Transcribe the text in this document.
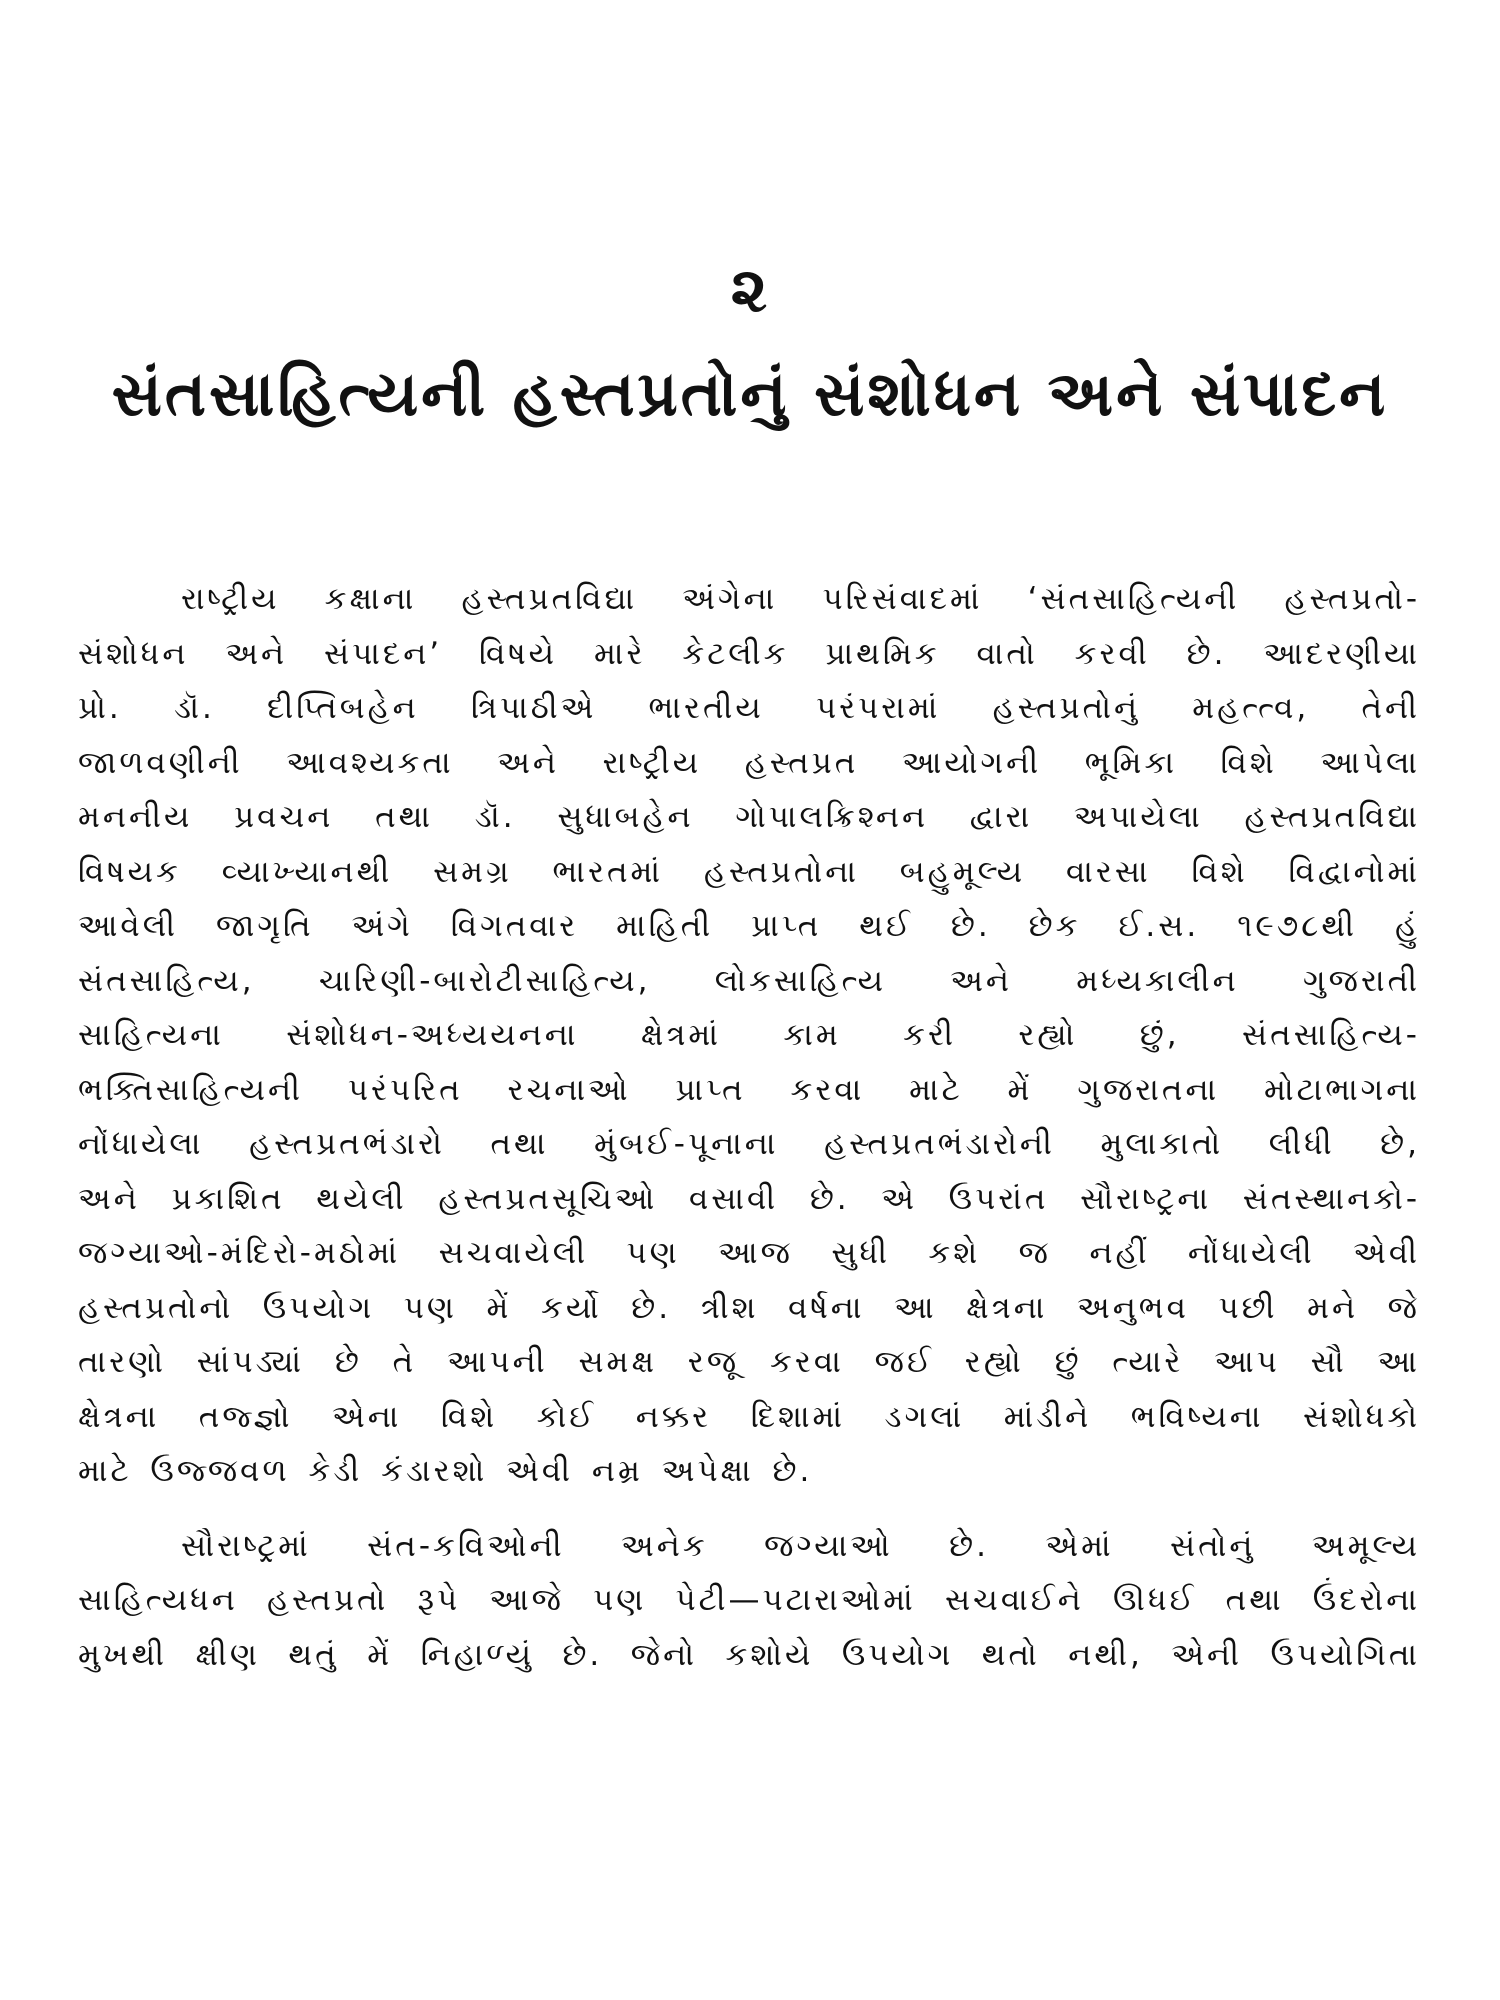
૨
સંતસાહિત્યની હસ્તપ્રતોનું સંશોધન અને સંપાદન
રાષ્ટ્રીય કક્ષાના હસ્તપ્રતવિદ્યા અંગેના પરિસંવાદમાં ‘સંતસાહિત્યની હસ્તપ્રતો-
સંશોધન અને સંપાદન’ વિષયે મારે કેટલીક પ્રાથમિક વાતો કરવી છે. આદરણીયા
પ્રો. ડૉ. દીપ્તિબહેન ત્રિપાઠીએ ભારતીય પરંપરામાં હસ્તપ્રતોનું મહત્ત્વ, તેની
જાળવણીની આવશ્યકતા અને રાષ્ટ્રીય હસ્તપ્રત આયોગની ભૂમિકા વિશે આપેલા
મનનીય પ્રવચન તથા ડૉ. સુધાબહેન ગોપાલક્રિશ્નન દ્વારા અપાયેલા હસ્તપ્રતવિદ્યા
વિષયક વ્યાખ્યાનથી સમગ્ર ભારતમાં હસ્તપ્રતોના બહુમૂલ્ય વારસા વિશે વિદ્વાનોમાં
આવેલી જાગૃતિ અંગે વિગતવાર માહિતી પ્રાપ્ત થઈ છે. છેક ઈ.સ. ૧૯૭૮થી હું
સંતસાહિત્ય, ચારિણી-બારોટીસાહિત્ય, લોકસાહિત્ય અને મધ્યકાલીન ગુજરાતી
સાહિત્યના સંશોધન-અધ્યયનના ક્ષેત્રમાં કામ કરી રહ્યો છું, સંતસાહિત્ય-
ભક્તિસાહિત્યની પરંપરિત રચનાઓ પ્રાપ્ત કરવા માટે મેં ગુજરાતના મોટાભાગના
નોંધાયેલા હસ્તપ્રતભંડારો તથા મુંબઈ-પૂનાના હસ્તપ્રતભંડારોની મુલાકાતો લીધી છે,
અને પ્રકાશિત થયેલી હસ્તપ્રતસૂચિઓ વસાવી છે. એ ઉપરાંત સૌરાષ્ટ્રના સંતસ્થાનકો-
જગ્યાઓ-મંદિરો-મઠોમાં સચવાયેલી પણ આજ સુધી કશે જ નહીં નોંધાયેલી એવી
હસ્તપ્રતોનો ઉપયોગ પણ મેં કર્યો છે. ત્રીશ વર્ષના આ ક્ષેત્રના અનુભવ પછી મને જે
તારણો સાંપડ્યાં છે તે આપની સમક્ષ રજૂ કરવા જઈ રહ્યો છું ત્યારે આપ સૌ આ
ક્ષેત્રના તજ્જ્ઞો એના વિશે કોઈ નક્કર દિશામાં ડગલાં માંડીને ભવિષ્યના સંશોધકો
માટે ઉજ્જવળ કેડી કંડારશો એવી નમ્ર અપેક્ષા છે.
સૌરાષ્ટ્રમાં સંત-કવિઓની અનેક જગ્યાઓ છે. એમાં સંતોનું અમૂલ્ય
સાહિત્યધન હસ્તપ્રતો રૂપે આજે પણ પેટી—પટારાઓમાં સચવાઈને ઊધઈ તથા ઉંદરોના
મુખથી ક્ષીણ થતું મેં નિહાળ્યું છે. જેનો કશોયે ઉપયોગ થતો નથી, એની ઉપયોગિતા
